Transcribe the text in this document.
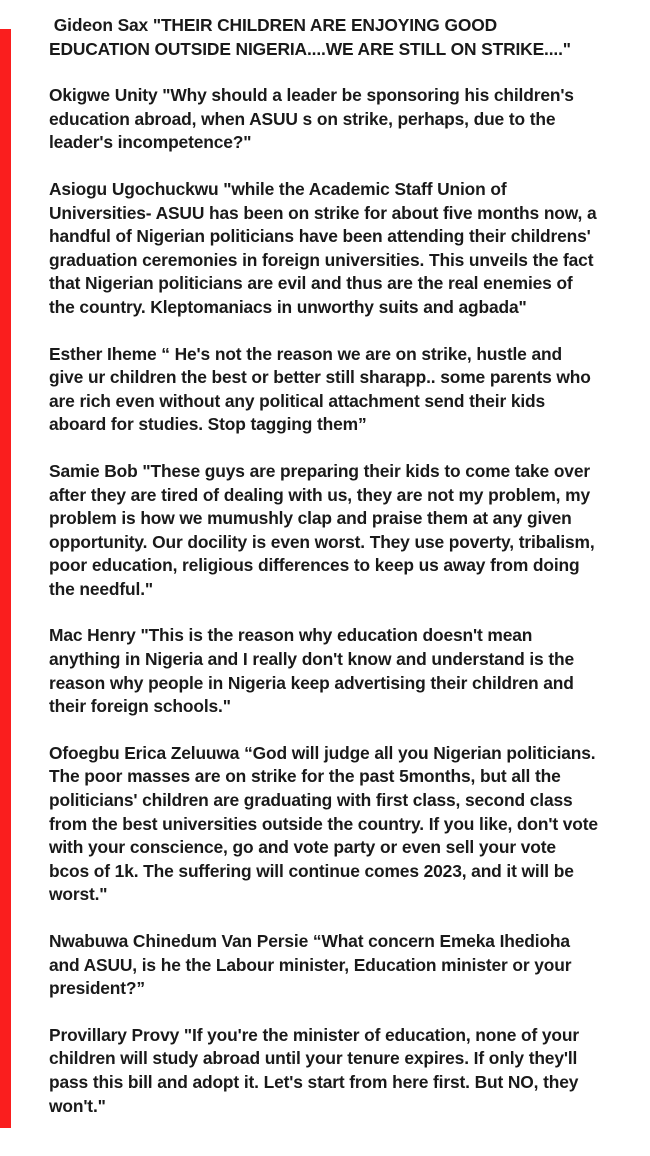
Gideon Sax "THEIR CHILDREN ARE ENJOYING GOOD EDUCATION OUTSIDE NIGERIA....WE ARE STILL ON STRIKE...."

Okigwe Unity "Why should a leader be sponsoring his children's education abroad, when ASUU s on strike, perhaps, due to the leader's incompetence?"

Asiogu Ugochuckwu "while the Academic Staff Union of Universities- ASUU has been on strike for about five months now, a handful of Nigerian politicians have been attending their childrens' graduation ceremonies in foreign universities. This unveils the fact that Nigerian politicians are evil and thus are the real enemies of the country. Kleptomaniacs in unworthy suits and agbada"

Esther Iheme “ He's not the reason we are on strike, hustle and give ur children the best or better still sharapp.. some parents who are rich even without any political attachment send their kids aboard for studies. Stop tagging them”

Samie Bob "These guys are preparing their kids to come take over after they are tired of dealing with us, they are not my problem, my problem is how we mumushly clap and praise them at any given opportunity. Our docility is even worst. They use poverty, tribalism, poor education, religious differences to keep us away from doing the needful."

Mac Henry "This is the reason why education doesn't mean anything in Nigeria and I really don't know and understand is the reason why people in Nigeria keep advertising their children and their foreign schools."

Ofoegbu Erica Zeluuwa “God will judge all you Nigerian politicians. The poor masses are on strike for the past 5months, but all the politicians' children are graduating with first class, second class from the best universities outside the country. If you like, don't vote with your conscience, go and vote party or even sell your vote bcos of 1k. The suffering will continue comes 2023, and it will be worst."

Nwabuwa Chinedum Van Persie “What concern Emeka Ihedioha and ASUU, is he the Labour minister, Education minister or your president?”

Provillary Provy "If you're the minister of education, none of your children will study abroad until your tenure expires. If only they'll pass this bill and adopt it. Let's start from here first. But NO, they won't."
